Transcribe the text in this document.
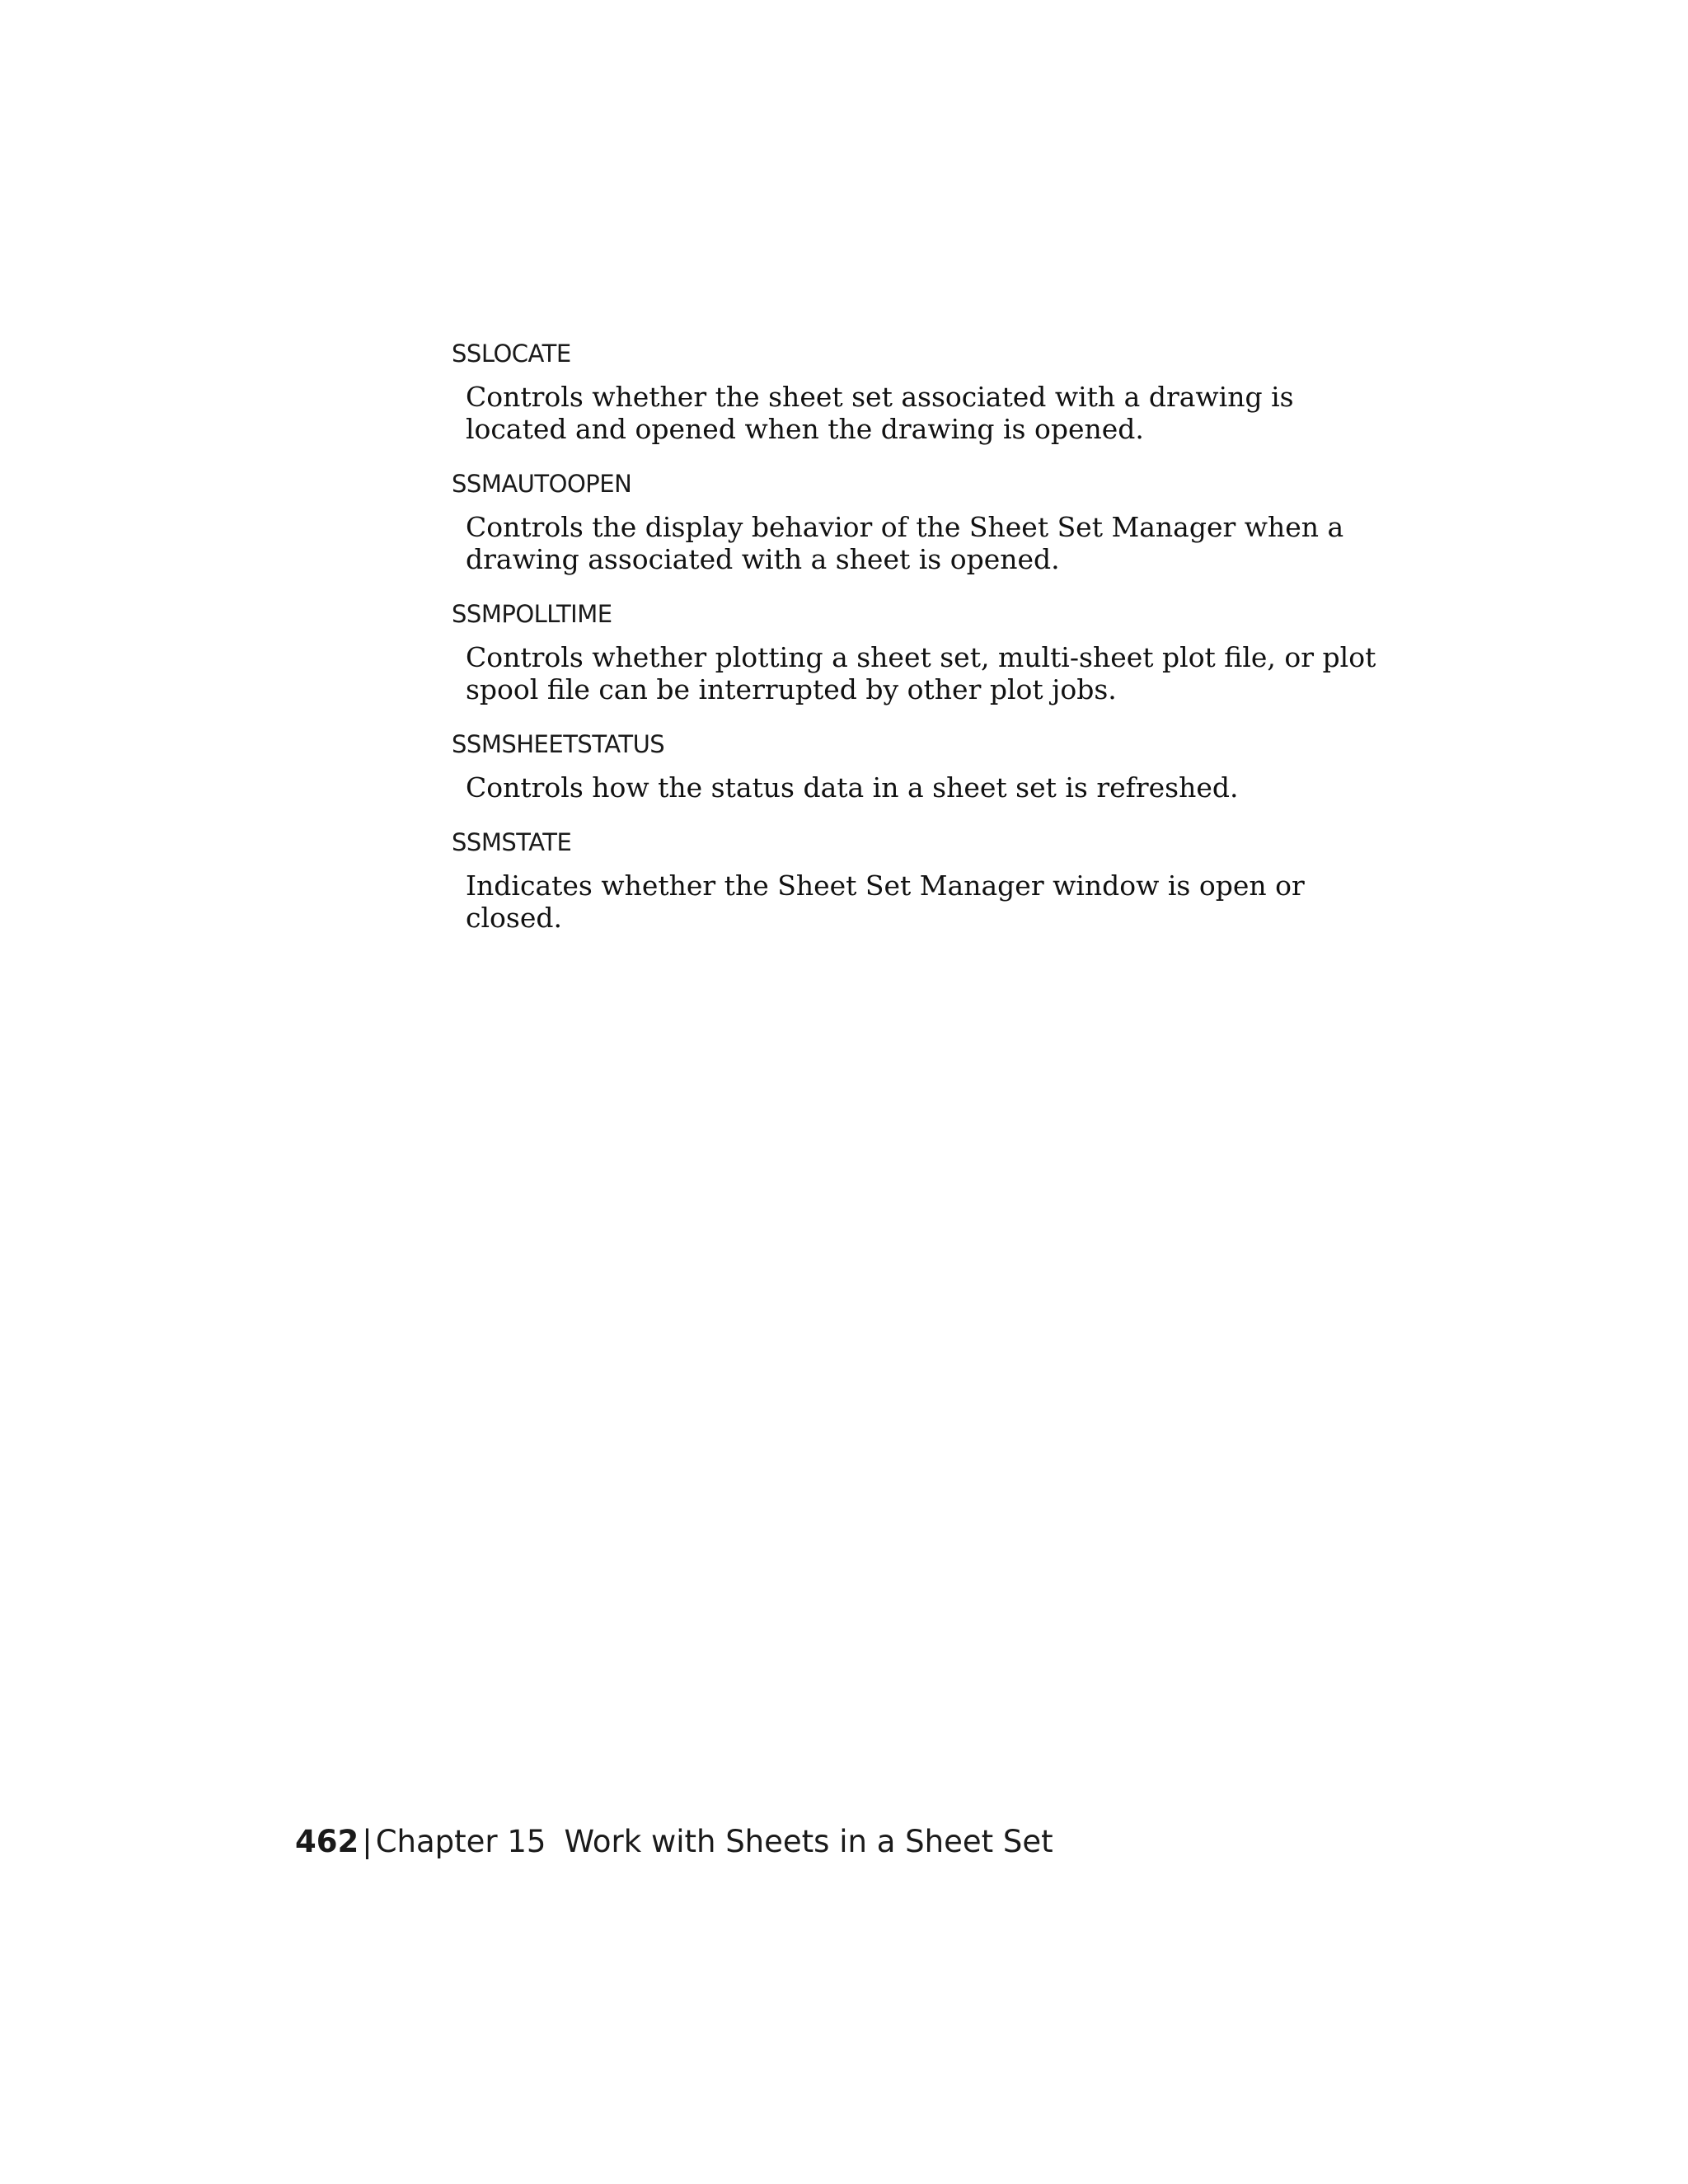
SSLOCATE
Controls whether the sheet set associated with a drawing is located and opened when the drawing is opened.
SSMAUTOOPEN
Controls the display behavior of the Sheet Set Manager when a drawing associated with a sheet is opened.
SSMPOLLTIME
Controls whether plotting a sheet set, multi-sheet plot file, or plot spool file can be interrupted by other plot jobs.
SSMSHEETSTATUS
Controls how the status data in a sheet set is refreshed.
SSMSTATE
Indicates whether the Sheet Set Manager window is open or closed.
462 | Chapter 15 Work with Sheets in a Sheet Set
